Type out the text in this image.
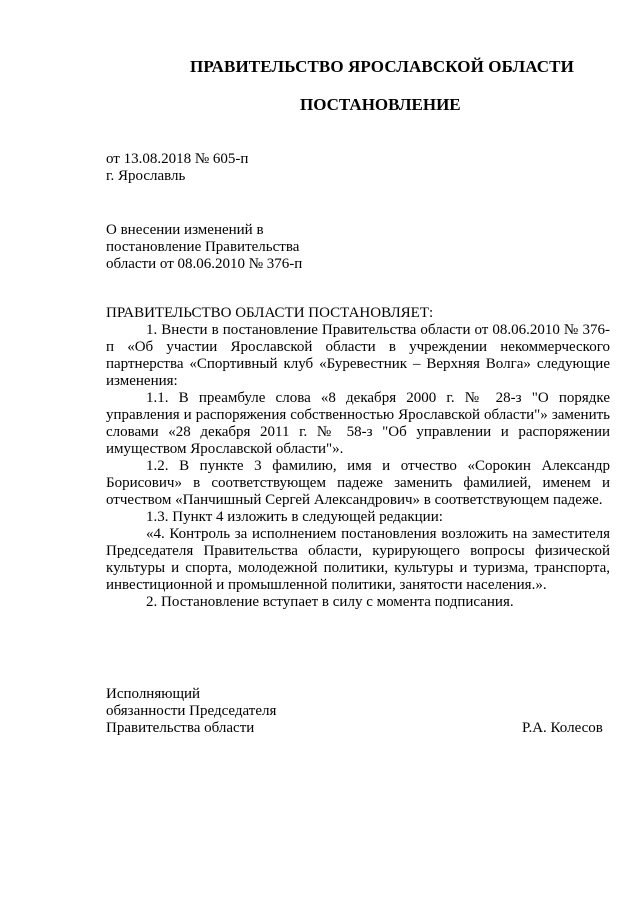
ПРАВИТЕЛЬСТВО ЯРОСЛАВСКОЙ ОБЛАСТИ
ПОСТАНОВЛЕНИЕ
от 13.08.2018 № 605-п
г. Ярославль
О внесении изменений в
постановление Правительства
области от 08.06.2010 № 376-п

ПРАВИТЕЛЬСТВО ОБЛАСТИ ПОСТАНОВЛЯЕТ:

1. Внести в постановление Правительства области от 08.06.2010 № 376-п «Об участии Ярославской области в учреждении некоммерческого партнерства «Спортивный клуб «Буревестник – Верхняя Волга» следующие изменения:

1.1. В преамбуле слова «8 декабря 2000 г. № 28-з "О порядке управления и распоряжения собственностью Ярославской области"» заменить словами «28 декабря 2011 г. № 58-з "Об управлении и распоряжении имуществом Ярославской области"».

1.2. В пункте 3 фамилию, имя и отчество «Сорокин Александр Борисович» в соответствующем падеже заменить фамилией, именем и отчеством «Панчишный Сергей Александрович» в соответствующем падеже.

1.3. Пункт 4 изложить в следующей редакции:

«4. Контроль за исполнением постановления возложить на заместителя Председателя Правительства области, курирующего вопросы физической культуры и спорта, молодежной политики, культуры и туризма, транспорта, инвестиционной и промышленной политики, занятости населения.».

2. Постановление вступает в силу с момента подписания.

Исполняющий
обязанности Председателя
Правительства области	Р.А. Колесов
